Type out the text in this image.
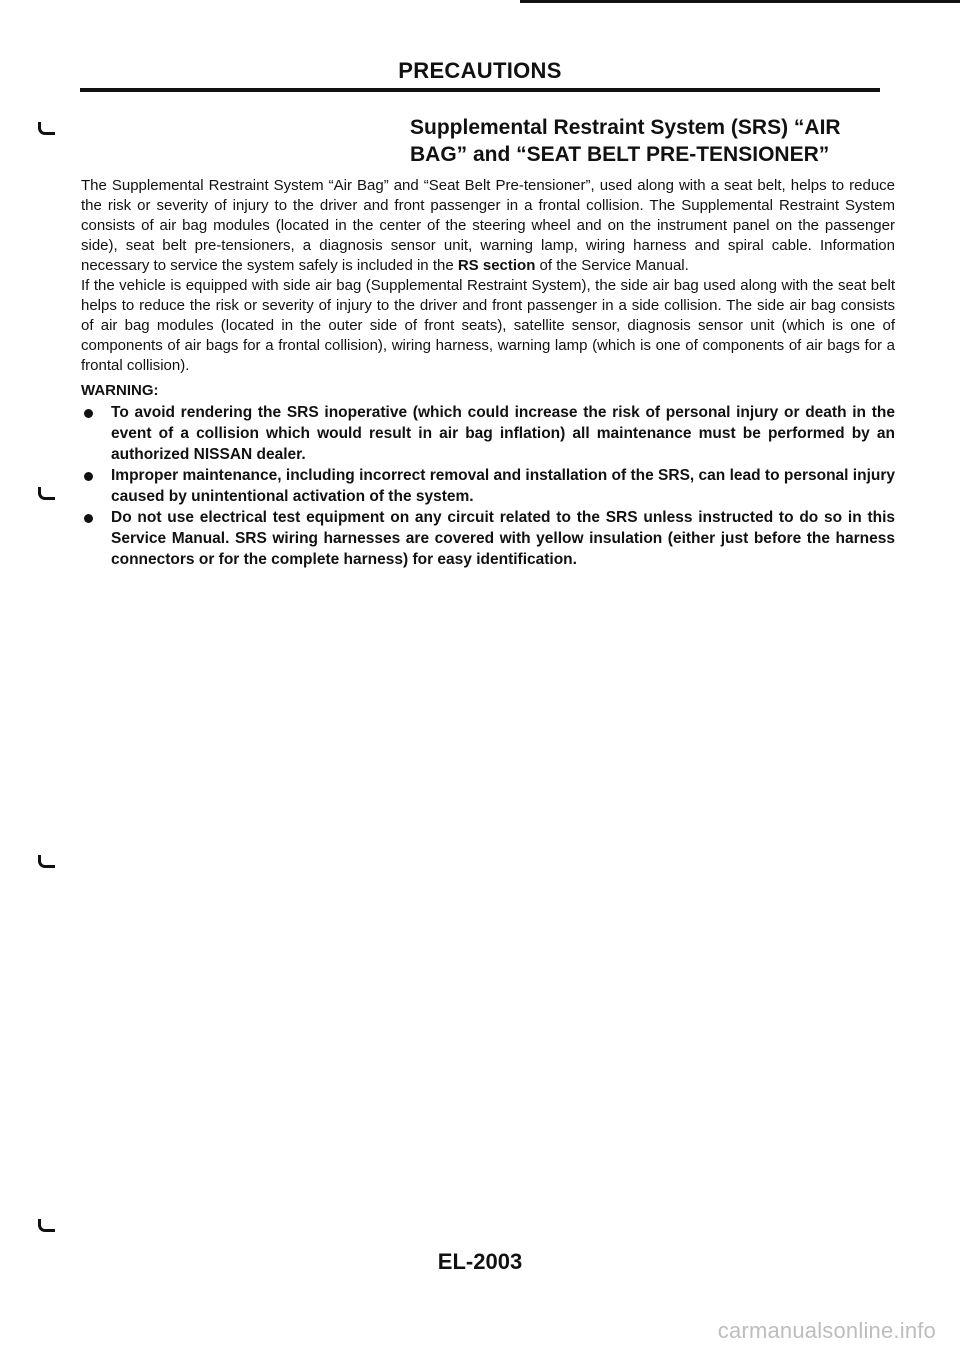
PRECAUTIONS
Supplemental Restraint System (SRS) “AIR
BAG” and “SEAT BELT PRE-TENSIONER”

The Supplemental Restraint System “Air Bag” and “Seat Belt Pre-tensioner”, used along with a seat belt, helps to reduce the risk or severity of injury to the driver and front passenger in a frontal collision. The Supplemental Restraint System consists of air bag modules (located in the center of the steering wheel and on the instrument panel on the passenger side), seat belt pre-tensioners, a diagnosis sensor unit, warning lamp, wiring harness and spiral cable. Information necessary to service the system safely is included in the RS section of the Service Manual.

If the vehicle is equipped with side air bag (Supplemental Restraint System), the side air bag used along with the seat belt helps to reduce the risk or severity of injury to the driver and front passenger in a side collision. The side air bag consists of air bag modules (located in the outer side of front seats), satellite sensor, diagnosis sensor unit (which is one of components of air bags for a frontal collision), wiring harness, warning lamp (which is one of components of air bags for a frontal collision).

WARNING:

To avoid rendering the SRS inoperative (which could increase the risk of personal injury or death in the event of a collision which would result in air bag inflation) all maintenance must be performed by an authorized NISSAN dealer.
Improper maintenance, including incorrect removal and installation of the SRS, can lead to personal injury caused by unintentional activation of the system.
Do not use electrical test equipment on any circuit related to the SRS unless instructed to do so in this Service Manual. SRS wiring harnesses are covered with yellow insulation (either just before the harness connectors or for the complete harness) for easy identification.
EL-2003
carmanualsonline.info
